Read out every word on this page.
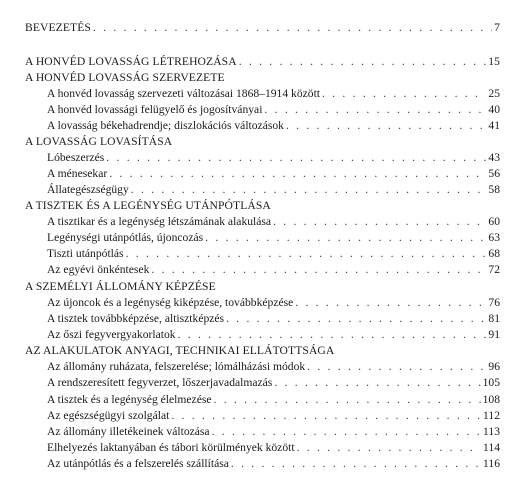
BEVEZETÉS . . .	7
A HONVÉD LOVASSÁG LÉTREHOZÁSA . . .	15
A HONVÉD LOVASSÁG SZERVEZETE
A honvéd lovasság szervezeti változásai 1868–1914 között . . .	25
A honvéd lovassági felügyelő és jogosítványai . . .	40
A lovasság békehadrendje; diszlokációs változások . . .	41
A LOVASSÁG LOVASÍTÁSA
Lóbeszerzés . . .	43
A ménesekar . . .	56
Állategészségügy . . .	58
A TISZTEK ÉS A LEGÉNYSÉG UTÁNPÓTLÁSA
A tisztikar és a legénység létszámának alakulása . . .	60
Legénységi utánpótlás, újoncozás . . .	63
Tiszti utánpótlás . . .	68
Az egyévi önkéntesek . . .	72
A SZEMÉLYI ÁLLOMÁNY KÉPZÉSE
Az újoncok és a legénység kiképzése, továbbképzése . . .	76
A tisztek továbbképzése, altisztképzés . . .	81
Az őszi fegyvergyakorlatok . . .	91
AZ ALAKULATOK ANYAGI, TECHNIKAI ELLÁTOTTSÁGA
Az állomány ruházata, felszerelése; lómálházási módok . . .	96
A rendszeresített fegyverzet, lőszerjavadalmazás . . .	105
A tisztek és a legénység élelmezése . . .	108
Az egészségügyi szolgálat . . .	112
Az állomány illetékeinek változása . . .	113
Elhelyezés laktanyában és tábori körülmények között . . .	114
Az utánpótlás és a felszerelés szállítása . . .	116
